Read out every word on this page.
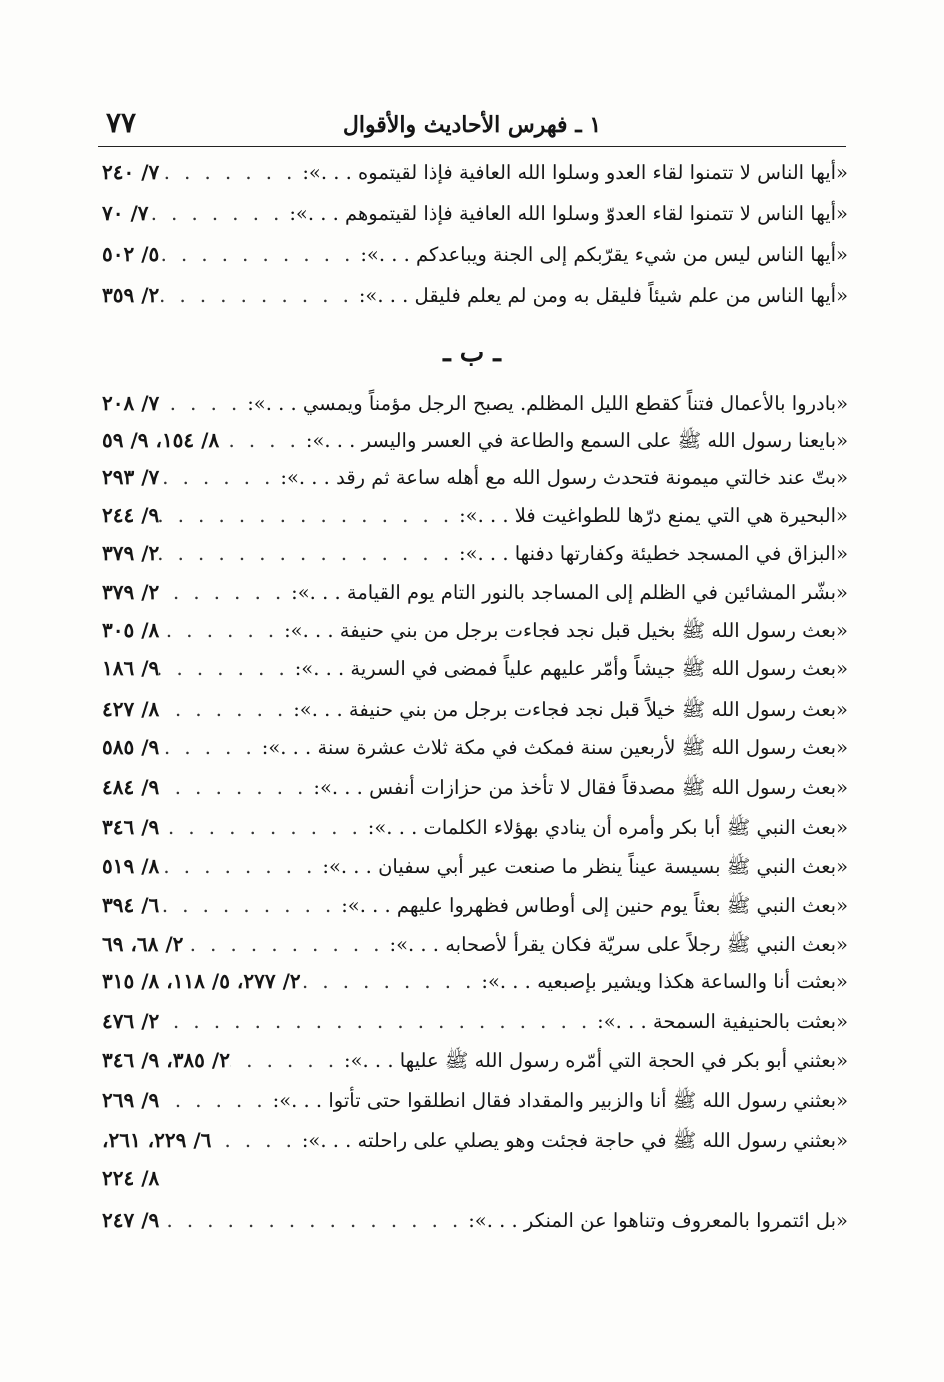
١ ـ فهرس الأحاديث والأقوال
٧٧
«أيها الناس لا تتمنوا لقاء العدو وسلوا الله العافية فإذا لقيتموه . . .»:
. . .
٧/ ٢٤٠
«أيها الناس لا تتمنوا لقاء العدوّ وسلوا الله العافية فإذا لقيتموهم . . .»:
. . .
٧/ ٧٠
«أيها الناس ليس من شيء يقرّبكم إلى الجنة ويباعدكم . . .»:
. . .
٥/ ٥٠٢
«أيها الناس من علم شيئاً فليقل به ومن لم يعلم فليقل . . .»:
. . .
٢/ ٣٥٩
ـ ب ـ
«بادروا بالأعمال فتناً كقطع الليل المظلم. يصبح الرجل مؤمناً ويمسي . . .»:
. . .
٧/ ٢٠٨
«بايعنا رسول الله ﷺ على السمع والطاعة في العسر واليسر . . .»:
. . .
٨/ ١٥٤، ٩/ ٥٩
«بتّ عند خالتي ميمونة فتحدث رسول الله مع أهله ساعة ثم رقد . . .»:
. . .
٧/ ٢٩٣
«البحيرة هي التي يمنع درّها للطواغيت فلا . . .»:
. . .
٩/ ٢٤٤
«البزاق في المسجد خطيئة وكفارتها دفنها . . .»:
. . .
٢/ ٣٧٩
«بشّر المشائين في الظلم إلى المساجد بالنور التام يوم القيامة . . .»:
. . .
٢/ ٣٧٩
«بعث رسول الله ﷺ بخيل قبل نجد فجاءت برجل من بني حنيفة . . .»:
. . .
٨/ ٣٠٥
«بعث رسول الله ﷺ جيشاً وأمّر عليهم علياً فمضى في السرية . . .»:
. . .
٩/ ١٨٦
«بعث رسول الله ﷺ خيلاً قبل نجد فجاءت برجل من بني حنيفة . . .»:
. . .
٨/ ٤٢٧
«بعث رسول الله ﷺ لأربعين سنة فمكث في مكة ثلاث عشرة سنة . . .»:
. . .
٩/ ٥٨٥
«بعث رسول الله ﷺ مصدقاً فقال لا تأخذ من حزازات أنفس . . .»:
. . .
٩/ ٤٨٤
«بعث النبي ﷺ أبا بكر وأمره أن ينادي بهؤلاء الكلمات . . .»:
. . .
٩/ ٣٤٦
«بعث النبي ﷺ بسيسة عيناً ينظر ما صنعت عير أبي سفيان . . .»:
. . .
٨/ ٥١٩
«بعث النبي ﷺ بعثاً يوم حنين إلى أوطاس فظهروا عليهم . . .»:
. . .
٦/ ٣٩٤
«بعث النبي ﷺ رجلاً على سريّة فكان يقرأ لأصحابه . . .»:
. . .
٢/ ٦٨، ٦٩
«بعثت أنا والساعة هكذا ويشير بإصبعيه . . .»:
. . .
٢/ ٢٧٧، ٥/ ١١٨، ٨/ ٣١٥
«بعثت بالحنيفية السمحة . . .»:
. . .
٢/ ٤٧٦
«بعثني أبو بكر في الحجة التي أمّره رسول الله ﷺ عليها . . .»:
. . .
٢/ ٣٨٥، ٩/ ٣٤٦
«بعثني رسول الله ﷺ أنا والزبير والمقداد فقال انطلقوا حتى تأتوا . . .»:
. . .
٩/ ٢٦٩
«بعثني رسول الله ﷺ في حاجة فجئت وهو يصلي على راحلته . . .»:
. . .
٦/ ٢٢٩، ٢٦١،
«بل ائتمروا بالمعروف وتناهوا عن المنكر . . .»:
. . .
٩/ ٢٤٧
٨/ ٢٢٤
